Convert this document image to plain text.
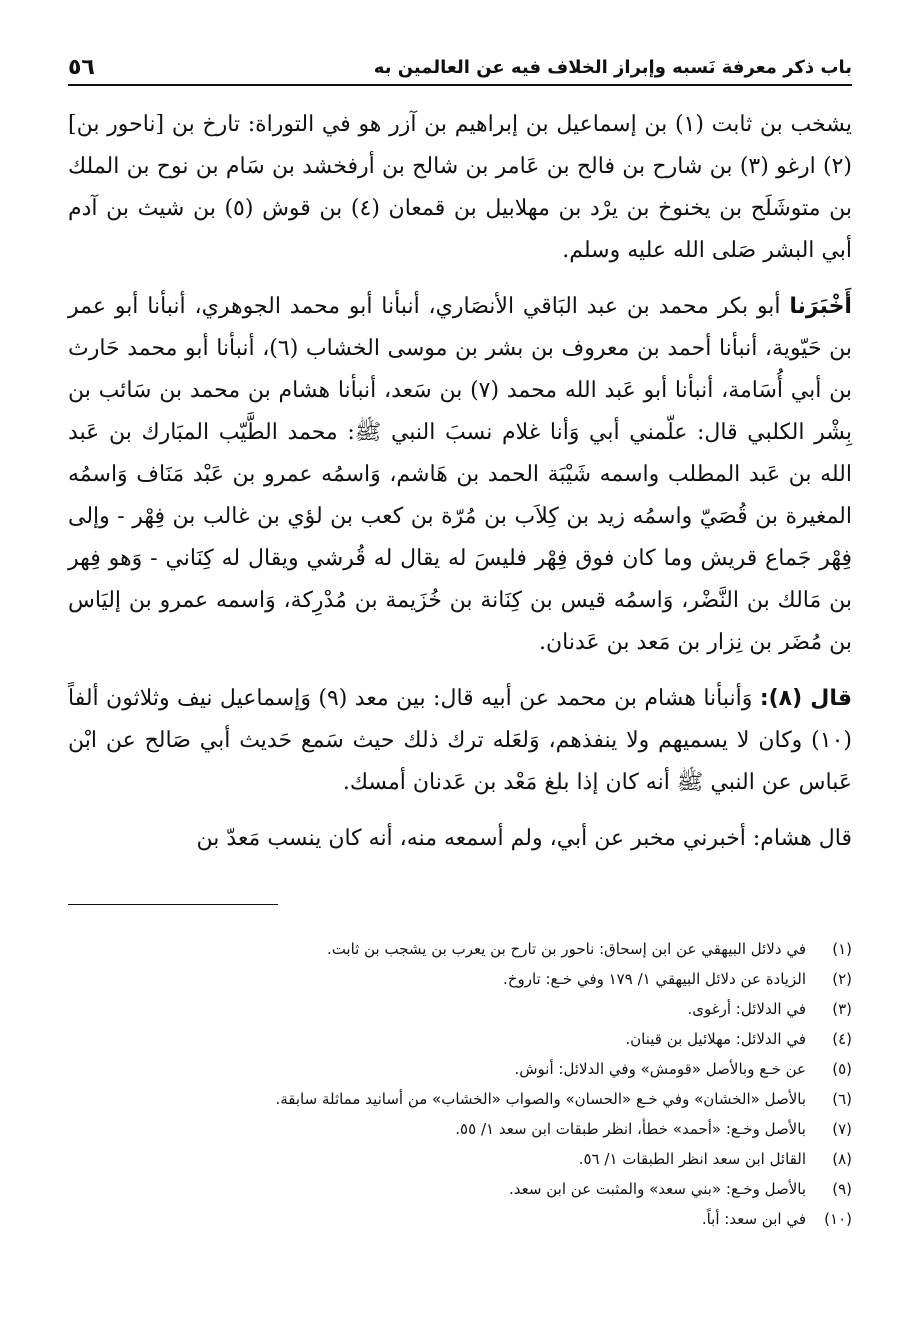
باب ذكر معرفة نَسبه وإبراز الخلاف فيه عن العالمين به
٥٦

يشخب بن ثابت (١) بن إسماعيل بن إبراهيم بن آزر هو في التوراة: تارخ بن [ناحور بن] (٢) ارغو (٣) بن شارح بن فالح بن عَامر بن شالح بن أرفخشد بن سَام بن نوح بن الملك بن متوشَلَح بن يخنوخ بن يرْد بن مهلابيل بن قمعان (٤) بن قوش (٥) بن شيث بن آدم أبي البشر صَلى الله عليه وسلم.

أَخْبَرَنا أبو بكر محمد بن عبد البَاقي الأنصَاري، أنبأنا أبو محمد الجوهري، أنبأنا أبو عمر بن حَيّوية، أنبأنا أحمد بن معروف بن بشر بن موسى الخشاب (٦)، أنبأنا أبو محمد حَارث بن أبي أُسَامة، أنبأنا أبو عَبد الله محمد (٧) بن سَعد، أنبأنا هشام بن محمد بن سَائب بن بِشْر الكلبي قال: علّمني أبي وَأنا غلام نسبَ النبي ﷺ: محمد الطَّيّب المبَارك بن عَبد الله بن عَبد المطلب واسمه شَيْبَة الحمد بن هَاشم، وَاسمُه عمرو بن عَبْد مَنَاف وَاسمُه المغيرة بن قُصَيّ واسمُه زيد بن كِلاَب بن مُرّة بن كعب بن لؤي بن غالب بن فِهْر - وإلى فِهْر جَماع قريش وما كان فوق فِهْر فليسَ له يقال له قُرشي ويقال له كِنَاني - وَهو فِهر بن مَالك بن النَّضْر، وَاسمُه قيس بن كِنَانة بن خُزَيمة بن مُدْرِكة، وَاسمه عمرو بن إليَاس بن مُضَر بن نِزار بن مَعد بن عَدنان.

قال (٨): وَأنبأنا هشام بن محمد عن أبيه قال: بين معد (٩) وَإسماعيل نيف وثلاثون ألفاً (١٠) وكان لا يسميهم ولا ينفذهم، وَلعَله ترك ذلك حيث سَمع حَديث أبي صَالح عن ابْن عَباس عن النبي ﷺ أنه كان إذا بلغ مَعْد بن عَدنان أمسك.

قال هشام: أخبرني مخبر عن أبي، ولم أسمعه منه، أنه كان ينسب مَعدّ بن

(١)
في دلائل البيهقي عن ابن إسحاق: ناحور بن تارح بن يعرب بن يشجب بن ثابت.
(٢)
الزيادة عن دلائل البيهقي ١/ ١٧٩ وفي خـع: تاروخ.
(٣)
في الدلائل: أرغوى.
(٤)
في الدلائل: مهلائيل بن قينان.
(٥)
عن خـع وبالأصل «قومش» وفي الدلائل: أنوش.
(٦)
بالأصل «الخشان» وفي خـع «الحسان» والصواب «الخشاب» من أسانيد مماثلة سابقة.
(٧)
بالأصل وخـع: «أحمد» خطأ، انظر طبقات ابن سعد ١/ ٥٥.
(٨)
القائل ابن سعد انظر الطبقات ١/ ٥٦.
(٩)
بالأصل وخـع: «بني سعد» والمثبت عن ابن سعد.
(١٠)
في ابن سعد: أباً.
